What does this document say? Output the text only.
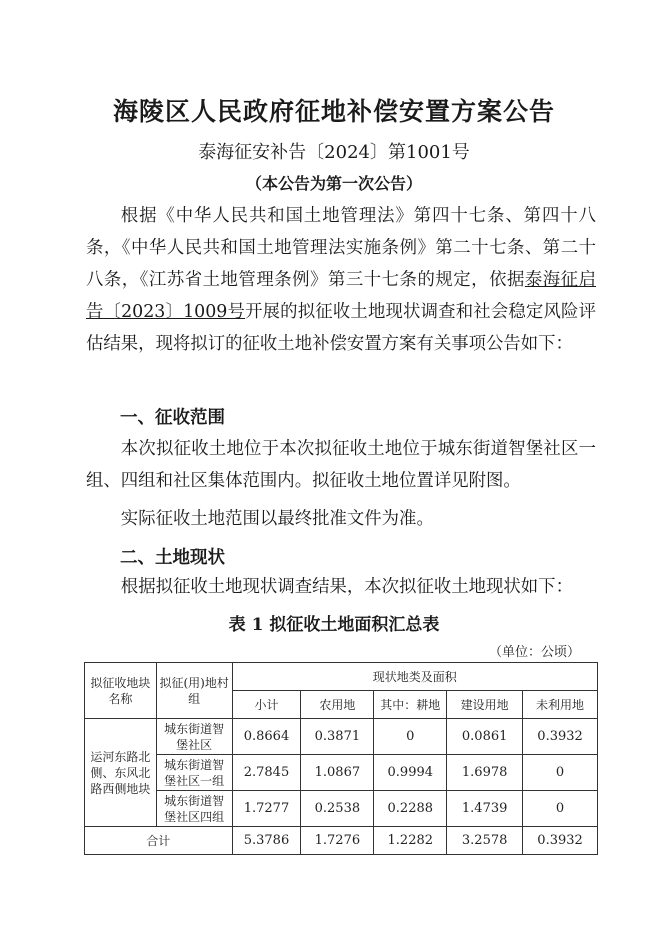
海陵区人民政府征地补偿安置方案公告
泰海征安补告〔2024〕第1001号
（本公告为第一次公告）

根据《中华人民共和国土地管理法》第四十七条、第四十八条，《中华人民共和国土地管理法实施条例》第二十七条、第二十八条，《江苏省土地管理条例》第三十七条的规定，依据泰海征启告〔2023〕1009号开展的拟征收土地现状调查和社会稳定风险评估结果，现将拟订的征收土地补偿安置方案有关事项公告如下：

一、征收范围

本次拟征收土地位于本次拟征收土地位于城东街道智堡社区一组、四组和社区集体范围内。拟征收土地位置详见附图。

实际征收土地范围以最终批准文件为准。

二、土地现状

根据拟征收土地现状调查结果，本次拟征收土地现状如下：

表 1 拟征收土地面积汇总表
（单位：公顷）
拟征收地块名称	拟征(用)地村组	现状地类及面积				
		小计	农用地	其中：耕地	建设用地	未利用地
运河东路北侧、东风北路西侧地块	城东街道智堡社区	0.8664	0.3871	0	0.0861	0.3932
	城东街道智堡社区一组	2.7845	1.0867	0.9994	1.6978	0
	城东街道智堡社区四组	1.7277	0.2538	0.2288	1.4739	0
合计		5.3786	1.7276	1.2282	3.2578	0.3932
